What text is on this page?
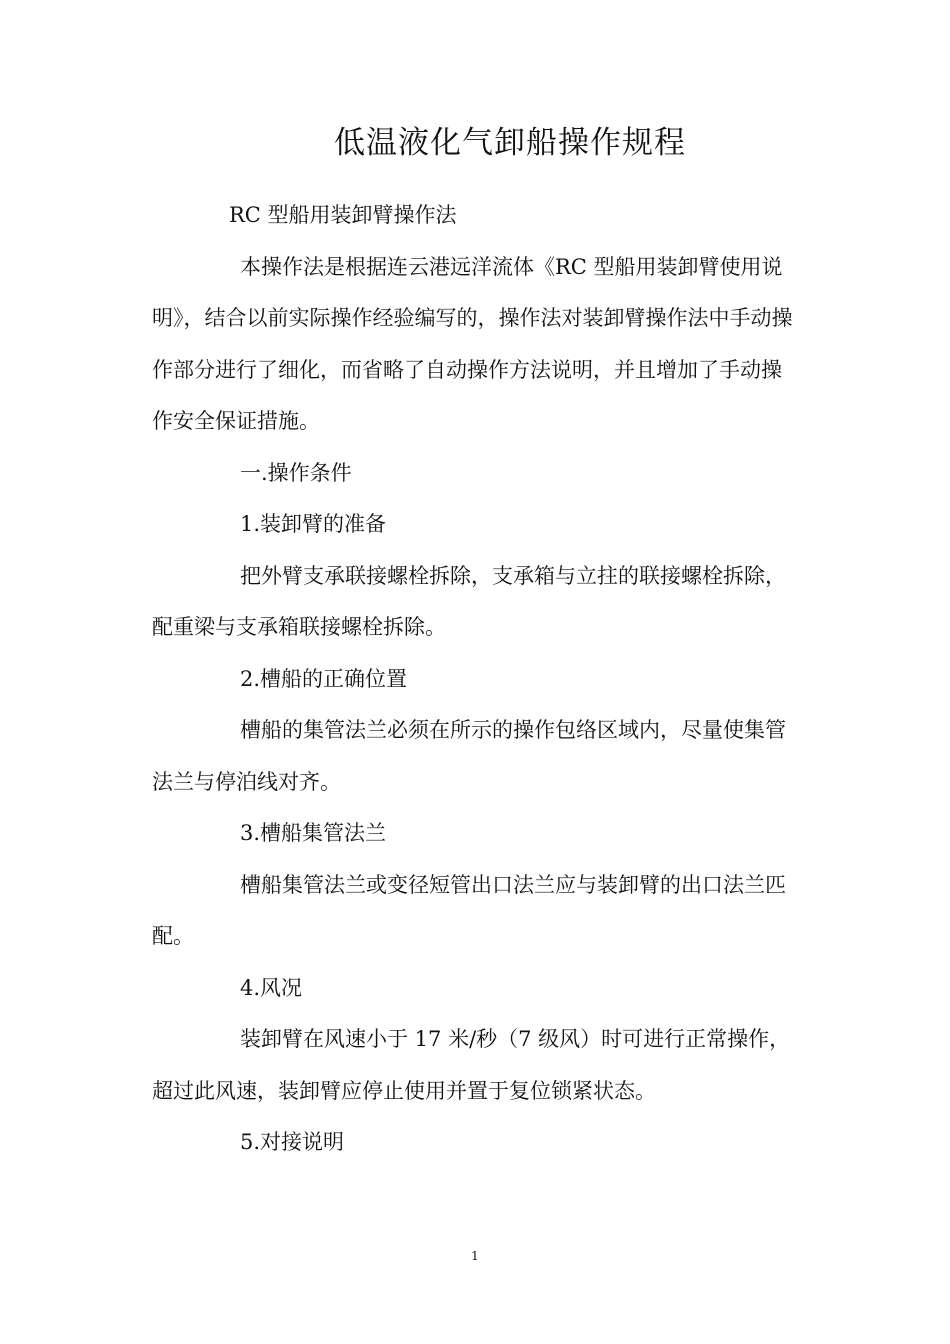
低温液化气卸船操作规程

RC 型船用装卸臂操作法

本操作法是根据连云港远洋流体《RC 型船用装卸臂使用说明》，结合以前实际操作经验编写的，操作法对装卸臂操作法中手动操作部分进行了细化，而省略了自动操作方法说明，并且增加了手动操作安全保证措施。

一.操作条件

1.装卸臂的准备

把外臂支承联接螺栓拆除，支承箱与立拄的联接螺栓拆除，配重梁与支承箱联接螺栓拆除。

2.槽船的正确位置

槽船的集管法兰必须在所示的操作包络区域内，尽量使集管法兰与停泊线对齐。

3.槽船集管法兰

槽船集管法兰或变径短管出口法兰应与装卸臂的出口法兰匹配。

4.风况

装卸臂在风速小于 17 米/秒（7 级风）时可进行正常操作，超过此风速，装卸臂应停止使用并置于复位锁紧状态。

5.对接说明

1
